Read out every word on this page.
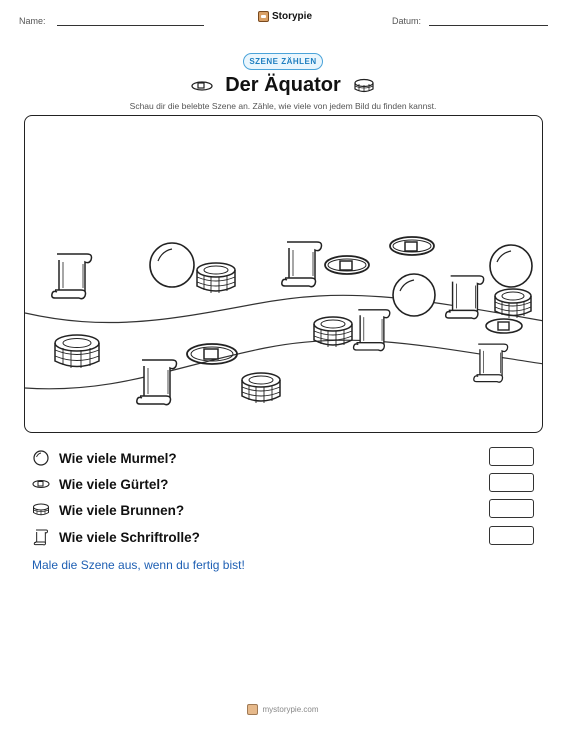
Name:	Storypie	Datum:
SZENE ZÄHLEN
Der Äquator
Schau dir die belebte Szene an. Zähle, wie viele von jedem Bild du finden kannst.
Wie viele Murmel?
Wie viele Gürtel?
Wie viele Brunnen?
Wie viele Schriftrolle?
Male die Szene aus, wenn du fertig bist!
mystorypie.com
